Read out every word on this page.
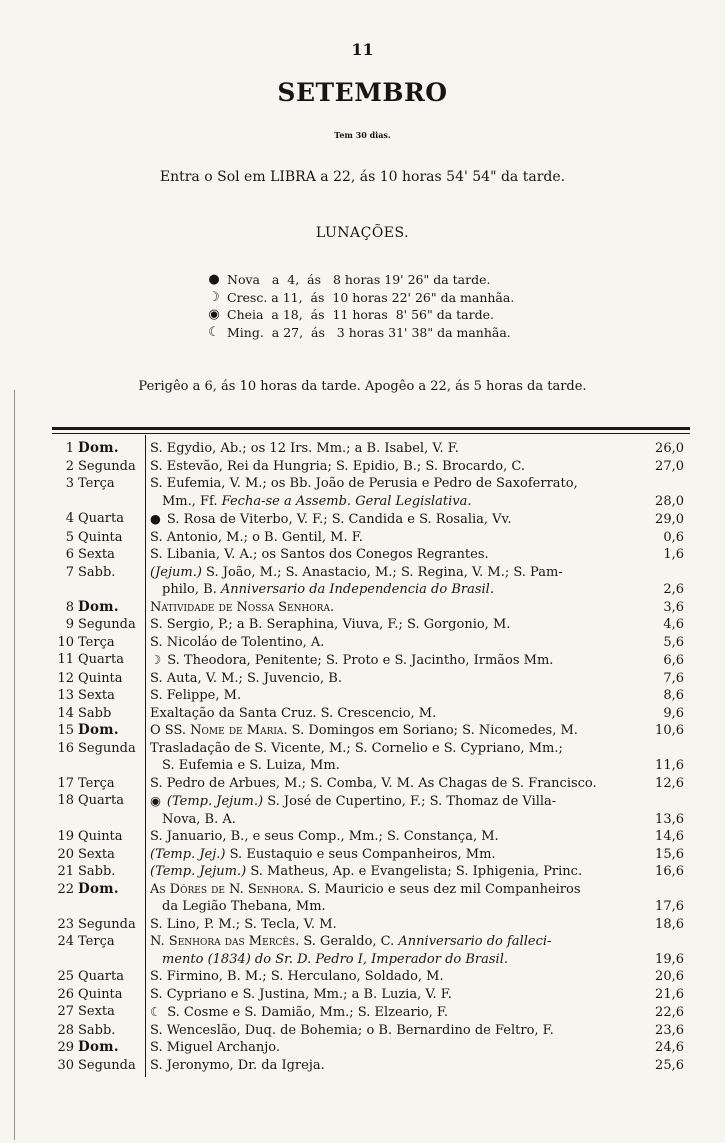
11
SETEMBRO
Tem 30 dias.
Entra o Sol em LIBRA a 22, ás 10 horas 54' 54" da tarde.
LUNAÇÕES.
● Nova   a  4,  ás   8 horas 19' 26" da tarde.
☽ Cresc. a 11,  ás  10 horas 22' 26" da manhãa.
◉ Cheia  a 18,  ás  11 horas  8' 56" da tarde.
☾ Ming.  a 27,  ás   3 horas 31' 38" da manhãa.
Perigêo a 6, ás 10 horas da tarde. Apogêo a 22, ás 5 horas da tarde.
1	Dom.	S. Egydio, Ab.; os 12 Irs. Mm.; a B. Isabel, V. F.	26,0
2	Segunda	S. Estevão, Rei da Hungria; S. Epidio, B.; S. Brocardo, C.	27,0
3	Terça	S. Eufemia, V. M.; os Bb. João de Perusia e Pedro de Saxoferrato,
Mm., Ff. Fecha-se a Assemb. Geral Legislativa.	28,0
4	Quarta	● S. Rosa de Viterbo, V. F.; S. Candida e S. Rosalia, Vv.	29,0
5	Quinta	S. Antonio, M.; o B. Gentil, M. F.	0,6
6	Sexta	S. Libania, V. A.; os Santos dos Conegos Regrantes.	1,6
7	Sabb.	(Jejum.) S. João, M.; S. Anastacio, M.; S. Regina, V. M.; S. Pam-
philo, B. Anniversario da Independencia do Brasil.	2,6
8	Dom.	Natividade de Nossa Senhora.	3,6
9	Segunda	S. Sergio, P.; a B. Seraphina, Viuva, F.; S. Gorgonio, M.	4,6
10	Terça	S. Nicoláo de Tolentino, A.	5,6
11	Quarta	☽ S. Theodora, Penitente; S. Proto e S. Jacintho, Irmãos Mm.	6,6
12	Quinta	S. Auta, V. M.; S. Juvencio, B.	7,6
13	Sexta	S. Felippe, M.	8,6
14	Sabb	Exaltação da Santa Cruz. S. Crescencio, M.	9,6
15	Dom.	O SS. Nome de Maria. S. Domingos em Soriano; S. Nicomedes, M.	10,6
16	Segunda	Trasladação de S. Vicente, M.; S. Cornelio e S. Cypriano, Mm.;
S. Eufemia e S. Luiza, Mm.	11,6
17	Terça	S. Pedro de Arbues, M.; S. Comba, V. M. As Chagas de S. Francisco.	12,6
18	Quarta	◉ (Temp. Jejum.) S. José de Cupertino, F.; S. Thomaz de Villa-
Nova, B. A.	13,6
19	Quinta	S. Januario, B., e seus Comp., Mm.; S. Constança, M.	14,6
20	Sexta	(Temp. Jej.) S. Eustaquio e seus Companheiros, Mm.	15,6
21	Sabb.	(Temp. Jejum.) S. Matheus, Ap. e Evangelista; S. Iphigenia, Princ.	16,6
22	Dom.	As Dôres de N. Senhora. S. Mauricio e seus dez mil Companheiros
da Legião Thebana, Mm.	17,6
23	Segunda	S. Lino, P. M.; S. Tecla, V. M.	18,6
24	Terça	N. Senhora das Mercês. S. Geraldo, C. Anniversario do falleci-
mento (1834) do Sr. D. Pedro I, Imperador do Brasil.	19,6
25	Quarta	S. Firmino, B. M.; S. Herculano, Soldado, M.	20,6
26	Quinta	S. Cypriano e S. Justina, Mm.; a B. Luzia, V. F.	21,6
27	Sexta	☾ S. Cosme e S. Damião, Mm.; S. Elzeario, F.	22,6
28	Sabb.	S. Wenceslão, Duq. de Bohemia; o B. Bernardino de Feltro, F.	23,6
29	Dom.	S. Miguel Archanjo.	24,6
30	Segunda	S. Jeronymo, Dr. da Igreja.	25,6
